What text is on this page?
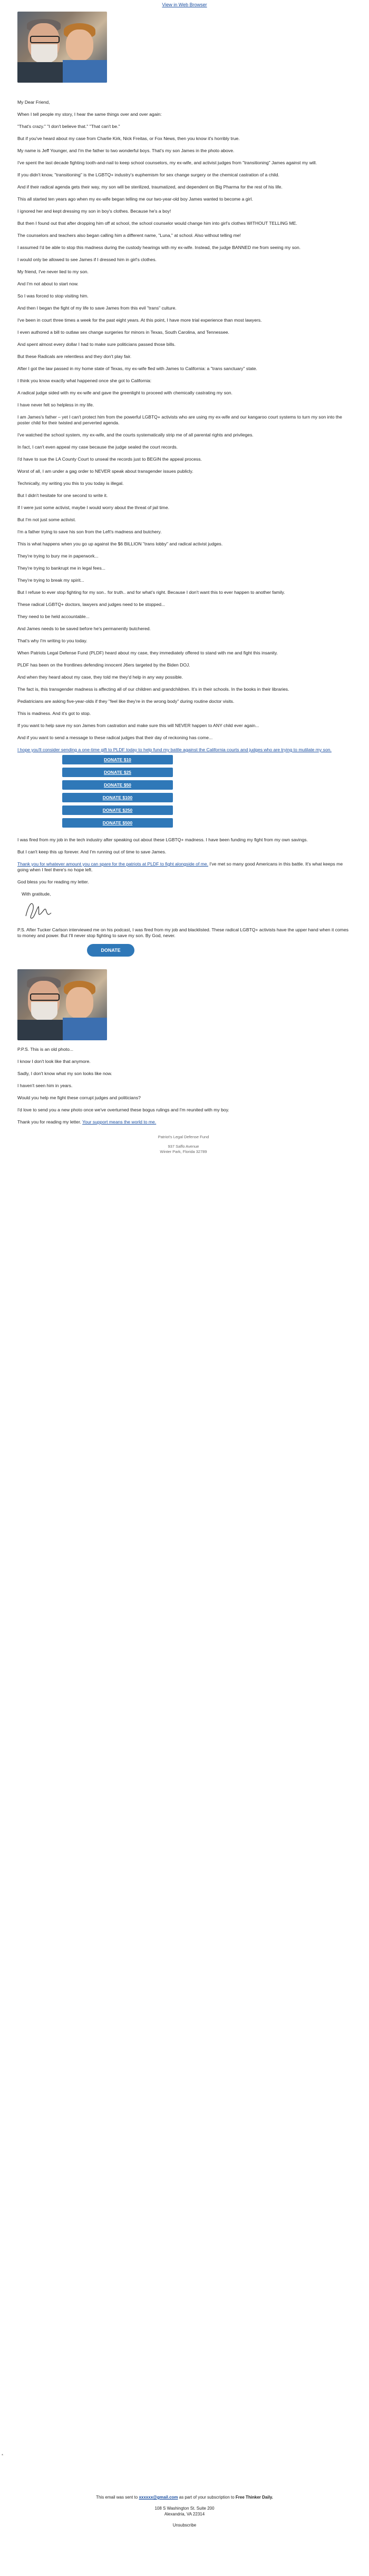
View in Web Browser

My Dear Friend,

When I tell people my story, I hear the same things over and over again:

"That's crazy." "I don't believe that." "That can't be."

But if you've heard about my case from Charlie Kirk, Nick Freitas, or Fox News, then you know it's horribly true.

My name is Jeff Younger, and I'm the father to two wonderful boys. That's my son James in the photo above.

I've spent the last decade fighting tooth-and-nail to keep school counselors, my ex-wife, and activist judges from "transitioning" James against my will.

If you didn't know, "transitioning" is the LGBTQ+ industry's euphemism for sex change surgery or the chemical castration of a child.

And if their radical agenda gets their way, my son will be sterilized, traumatized, and dependent on Big Pharma for the rest of his life.

This all started ten years ago when my ex-wife began telling me our two-year-old boy James wanted to become a girl.

I ignored her and kept dressing my son in boy's clothes. Because he's a boy!

But then I found out that after dropping him off at school, the school counselor would change him into girl's clothes WITHOUT TELLING ME.

The counselors and teachers also began calling him a different name, "Luna," at school. Also without telling me!

I assumed I'd be able to stop this madness during the custody hearings with my ex-wife. Instead, the judge BANNED me from seeing my son.

I would only be allowed to see James if I dressed him in girl's clothes.

My friend, I've never lied to my son.

And I'm not about to start now.

So I was forced to stop visiting him.

And then I began the fight of my life to save James from this evil "trans" culture.

I've been in court three times a week for the past eight years. At this point, I have more trial experience than most lawyers.

I even authored a bill to outlaw sex change surgeries for minors in Texas, South Carolina, and Tennessee.

And spent almost every dollar I had to make sure politicians passed those bills.

But these Radicals are relentless and they don't play fair.

After I got the law passed in my home state of Texas, my ex-wife fled with James to California: a "trans sanctuary" state.

I think you know exactly what happened once she got to California:

A radical judge sided with my ex-wife and gave the greenlight to proceed with chemically castrating my son.

I have never felt so helpless in my life.

I am James's father – yet I can't protect him from the powerful LGBTQ+ activists who are using my ex-wife and our kangaroo court systems to turn my son into the poster child for their twisted and perverted agenda.

I've watched the school system, my ex-wife, and the courts systematically strip me of all parental rights and privileges.

In fact, I can't even appeal my case because the judge sealed the court records.

I'd have to sue the LA County Court to unseal the records just to BEGIN the appeal process.

Worst of all, I am under a gag order to NEVER speak about transgender issues publicly.

Technically, my writing you this to you today is illegal.

But I didn't hesitate for one second to write it.

If I were just some activist, maybe I would worry about the threat of jail time.

But I'm not just some activist.

I'm a father trying to save his son from the Left's madness and butchery.

This is what happens when you go up against the $6 BILLION "trans lobby" and radical activist judges.

They're trying to bury me in paperwork...

They're trying to bankrupt me in legal fees...

They're trying to break my spirit...

But I refuse to ever stop fighting for my son.. for truth.. and for what's right. Because I don't want this to ever happen to another family.

These radical LGBTQ+ doctors, lawyers and judges need to be stopped...

They need to be held accountable...

And James needs to be saved before he's permanently butchered.

That's why I'm writing to you today.

When Patriots Legal Defense Fund (PLDF) heard about my case, they immediately offered to stand with me and fight this insanity.

PLDF has been on the frontlines defending innocent J6ers targeted by the Biden DOJ.

And when they heard about my case, they told me they'd help in any way possible.

The fact is, this transgender madness is affecting all of our children and grandchildren. It's in their schools. In the books in their libraries.

Pediatricians are asking five-year-olds if they "feel like they're in the wrong body" during routine doctor visits.

This is madness. And it's got to stop.

If you want to help save my son James from castration and make sure this will NEVER happen to ANY child ever again...

And if you want to send a message to these radical judges that their day of reckoning has come...

I hope you'll consider sending a one-time gift to PLDF today to help fund my battle against the California courts and judges who are trying to mutilate my son.

DONATE $10
DONATE $25
DONATE $50
DONATE $100
DONATE $250
DONATE $500

I was fired from my job in the tech industry after speaking out about these LGBTQ+ madness. I have been funding my fight from my own savings.

But I can't keep this up forever. And I'm running out of time to save James.

Thank you for whatever amount you can spare for the patriots at PLDF to fight alongside of me. I've met so many good Americans in this battle. It's what keeps me going when I feel there's no hope left.

God bless you for reading my letter.

With gratitude,

P.S. After Tucker Carlson interviewed me on his podcast, I was fired from my job and blacklisted. These radical LGBTQ+ activists have the upper hand when it comes to money and power. But I'll never stop fighting to save my son. By God, never.

DONATE

P.P.S. This is an old photo...

I know I don't look like that anymore.

Sadly, I don't know what my son looks like now.

I haven't seen him in years.

Would you help me fight these corrupt judges and politicians?

I'd love to send you a new photo once we've overturned these bogus rulings and I'm reunited with my boy.

Thank you for reading my letter. Your support means the world to me.

Patriot's Legal Defense Fund
937 Saffo Avenue
Winter Park, Florida 32789
*
This email was sent to xxxxxx@gmail.com as part of your subscription to Free Thinker Daily.
108 S Washington St. Suite 200
Alexandria, VA 22314
Unsubscribe
